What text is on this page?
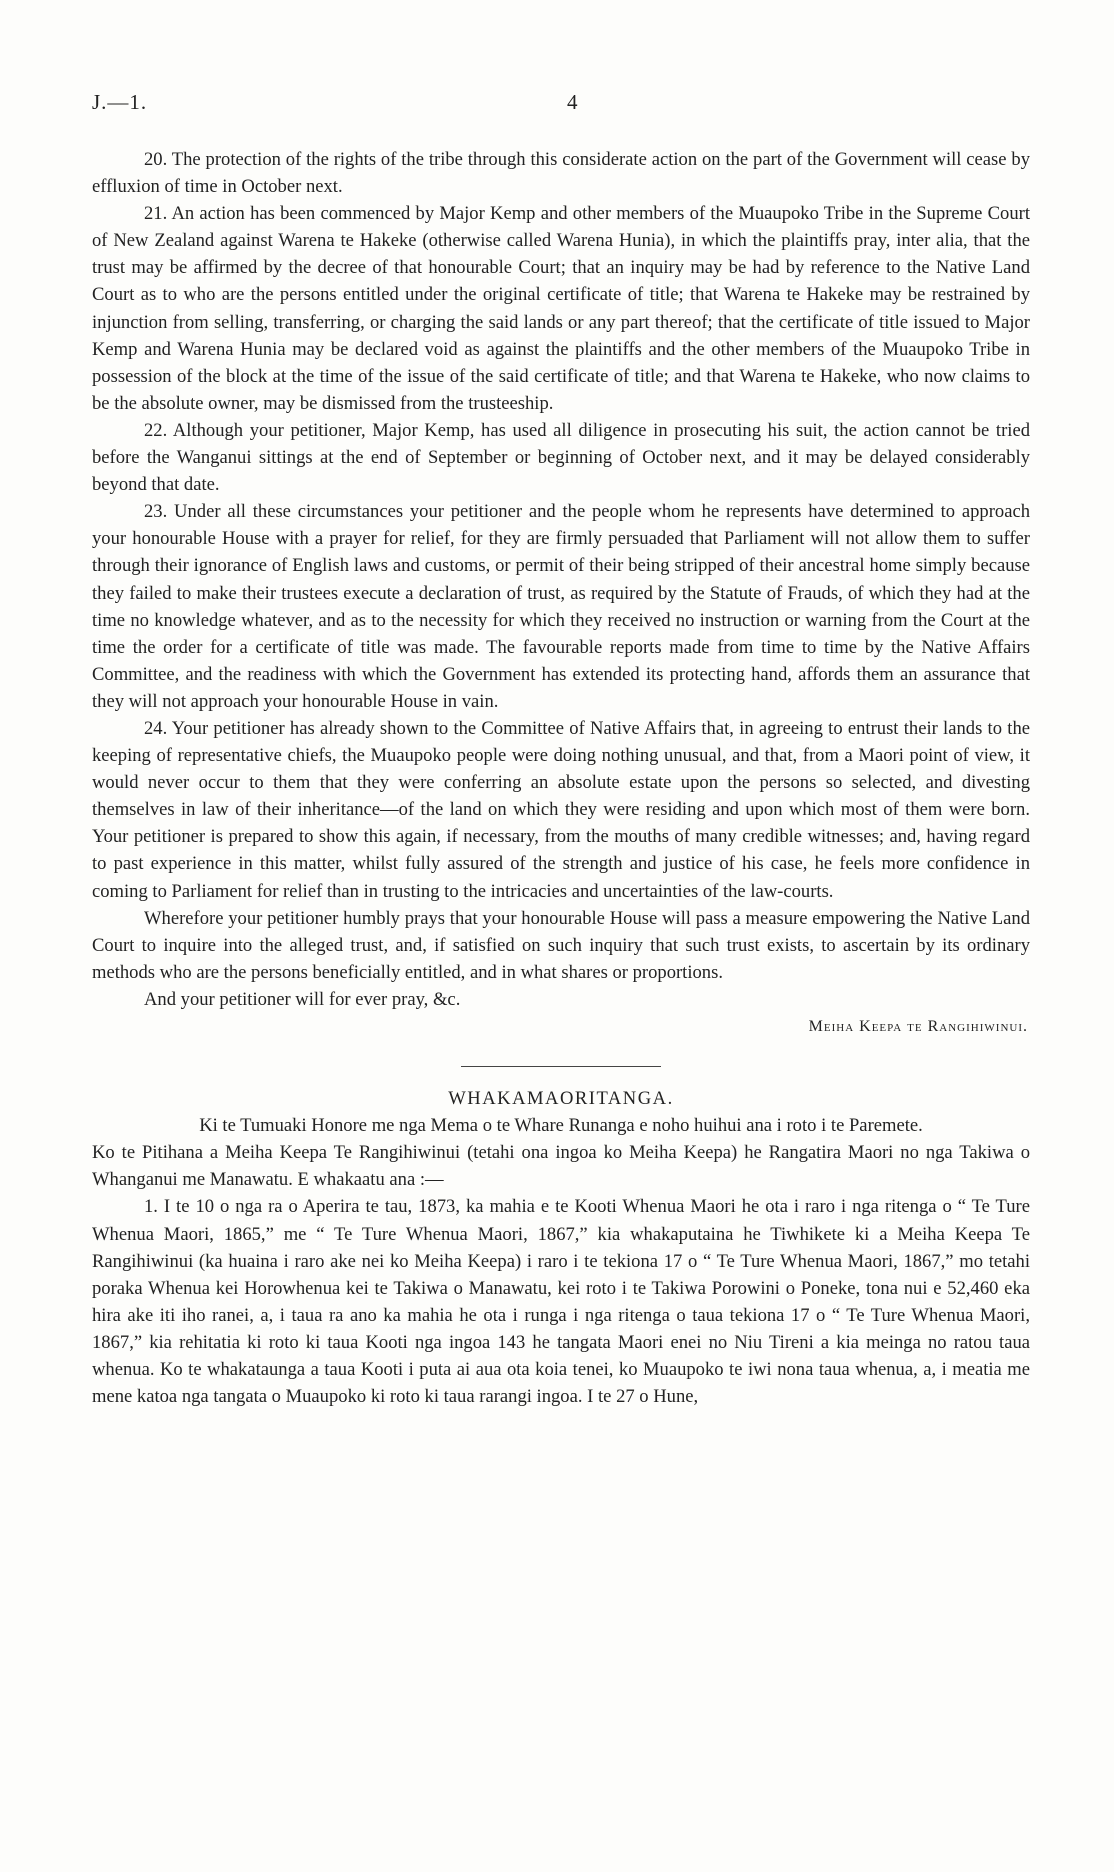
J.—1.	4

20. The protection of the rights of the tribe through this considerate action on the part of the Government will cease by effluxion of time in October next.

21. An action has been commenced by Major Kemp and other members of the Muaupoko Tribe in the Supreme Court of New Zealand against Warena te Hakeke (otherwise called Warena Hunia), in which the plaintiffs pray, inter alia, that the trust may be affirmed by the decree of that honourable Court; that an inquiry may be had by reference to the Native Land Court as to who are the persons entitled under the original certificate of title; that Warena te Hakeke may be restrained by injunction from selling, transferring, or charging the said lands or any part thereof; that the certificate of title issued to Major Kemp and Warena Hunia may be declared void as against the plaintiffs and the other members of the Muaupoko Tribe in possession of the block at the time of the issue of the said certificate of title; and that Warena te Hakeke, who now claims to be the absolute owner, may be dismissed from the trusteeship.

22. Although your petitioner, Major Kemp, has used all diligence in prosecuting his suit, the action cannot be tried before the Wanganui sittings at the end of September or beginning of October next, and it may be delayed considerably beyond that date.

23. Under all these circumstances your petitioner and the people whom he represents have determined to approach your honourable House with a prayer for relief, for they are firmly persuaded that Parliament will not allow them to suffer through their ignorance of English laws and customs, or permit of their being stripped of their ancestral home simply because they failed to make their trustees execute a declaration of trust, as required by the Statute of Frauds, of which they had at the time no knowledge whatever, and as to the necessity for which they received no instruction or warning from the Court at the time the order for a certificate of title was made. The favourable reports made from time to time by the Native Affairs Committee, and the readiness with which the Government has extended its protecting hand, affords them an assurance that they will not approach your honourable House in vain.

24. Your petitioner has already shown to the Committee of Native Affairs that, in agreeing to entrust their lands to the keeping of representative chiefs, the Muaupoko people were doing nothing unusual, and that, from a Maori point of view, it would never occur to them that they were conferring an absolute estate upon the persons so selected, and divesting themselves in law of their inheritance—of the land on which they were residing and upon which most of them were born. Your petitioner is prepared to show this again, if necessary, from the mouths of many credible witnesses; and, having regard to past experience in this matter, whilst fully assured of the strength and justice of his case, he feels more confidence in coming to Parliament for relief than in trusting to the intricacies and uncertainties of the law-courts.

Wherefore your petitioner humbly prays that your honourable House will pass a measure empowering the Native Land Court to inquire into the alleged trust, and, if satisfied on such inquiry that such trust exists, to ascertain by its ordinary methods who are the persons beneficially entitled, and in what shares or proportions.

And your petitioner will for ever pray, &c.

Meiha Keepa te Rangihiwinui.

WHAKAMAORITANGA.

Ki te Tumuaki Honore me nga Mema o te Whare Runanga e noho huihui ana i roto i te Paremete.

Ko te Pitihana a Meiha Keepa Te Rangihiwinui (tetahi ona ingoa ko Meiha Keepa) he Rangatira Maori no nga Takiwa o Whanganui me Manawatu. E whakaatu ana :—

1. I te 10 o nga ra o Aperira te tau, 1873, ka mahia e te Kooti Whenua Maori he ota i raro i nga ritenga o “ Te Ture Whenua Maori, 1865,” me “ Te Ture Whenua Maori, 1867,” kia whakaputaina he Tiwhikete ki a Meiha Keepa Te Rangihiwinui (ka huaina i raro ake nei ko Meiha Keepa) i raro i te tekiona 17 o “ Te Ture Whenua Maori, 1867,” mo tetahi poraka Whenua kei Horowhenua kei te Takiwa o Manawatu, kei roto i te Takiwa Porowini o Poneke, tona nui e 52,460 eka hira ake iti iho ranei, a, i taua ra ano ka mahia he ota i runga i nga ritenga o taua tekiona 17 o “ Te Ture Whenua Maori, 1867,” kia rehitatia ki roto ki taua Kooti nga ingoa 143 he tangata Maori enei no Niu Tireni a kia meinga no ratou taua whenua. Ko te whakataunga a taua Kooti i puta ai aua ota koia tenei, ko Muaupoko te iwi nona taua whenua, a, i meatia me mene katoa nga tangata o Muaupoko ki roto ki taua rarangi ingoa. I te 27 o Hune,
